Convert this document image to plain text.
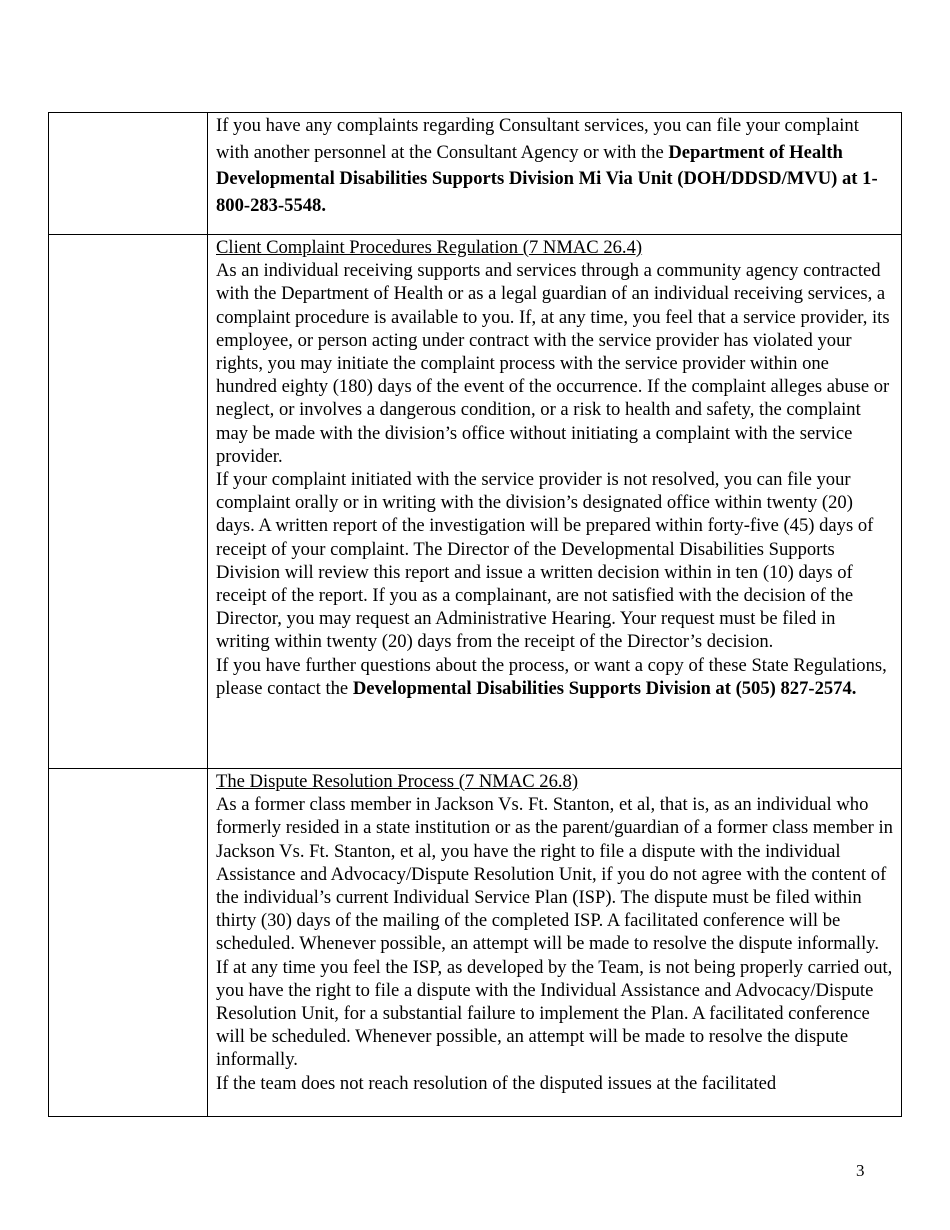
	If you have any complaints regarding Consultant services, you can file your complaint with another personnel at the Consultant Agency or with the Department of Health Developmental Disabilities Supports Division Mi Via Unit (DOH/DDSD/MVU) at 1-800-283-5548.

	Client Complaint Procedures Regulation (7 NMAC 26.4)
As an individual receiving supports and services through a community agency contracted with the Department of Health or as a legal guardian of an individual receiving services, a complaint procedure is available to you. If, at any time, you feel that a service provider, its employee, or person acting under contract with the service provider has violated your rights, you may initiate the complaint process with the service provider within one hundred eighty (180) days of the event of the occurrence. If the complaint alleges abuse or neglect, or involves a dangerous condition, or a risk to health and safety, the complaint may be made with the division’s office without initiating a complaint with the service provider.
If your complaint initiated with the service provider is not resolved, you can file your complaint orally or in writing with the division’s designated office within twenty (20) days. A written report of the investigation will be prepared within forty-five (45) days of receipt of your complaint. The Director of the Developmental Disabilities Supports Division will review this report and issue a written decision within in ten (10) days of receipt of the report. If you as a complainant, are not satisfied with the decision of the Director, you may request an Administrative Hearing. Your request must be filed in writing within twenty (20) days from the receipt of the Director’s decision.
If you have further questions about the process, or want a copy of these State Regulations, please contact the Developmental Disabilities Supports Division at (505) 827-2574.

	The Dispute Resolution Process (7 NMAC 26.8)
As a former class member in Jackson Vs. Ft. Stanton, et al, that is, as an individual who formerly resided in a state institution or as the parent/guardian of a former class member in Jackson Vs. Ft. Stanton, et al, you have the right to file a dispute with the individual Assistance and Advocacy/Dispute Resolution Unit, if you do not agree with the content of the individual’s current Individual Service Plan (ISP). The dispute must be filed within thirty (30) days of the mailing of the completed ISP. A facilitated conference will be scheduled. Whenever possible, an attempt will be made to resolve the dispute informally.
If at any time you feel the ISP, as developed by the Team, is not being properly carried out, you have the right to file a dispute with the Individual Assistance and Advocacy/Dispute Resolution Unit, for a substantial failure to implement the Plan. A facilitated conference will be scheduled. Whenever possible, an attempt will be made to resolve the dispute informally.
If the team does not reach resolution of the disputed issues at the facilitated
3
